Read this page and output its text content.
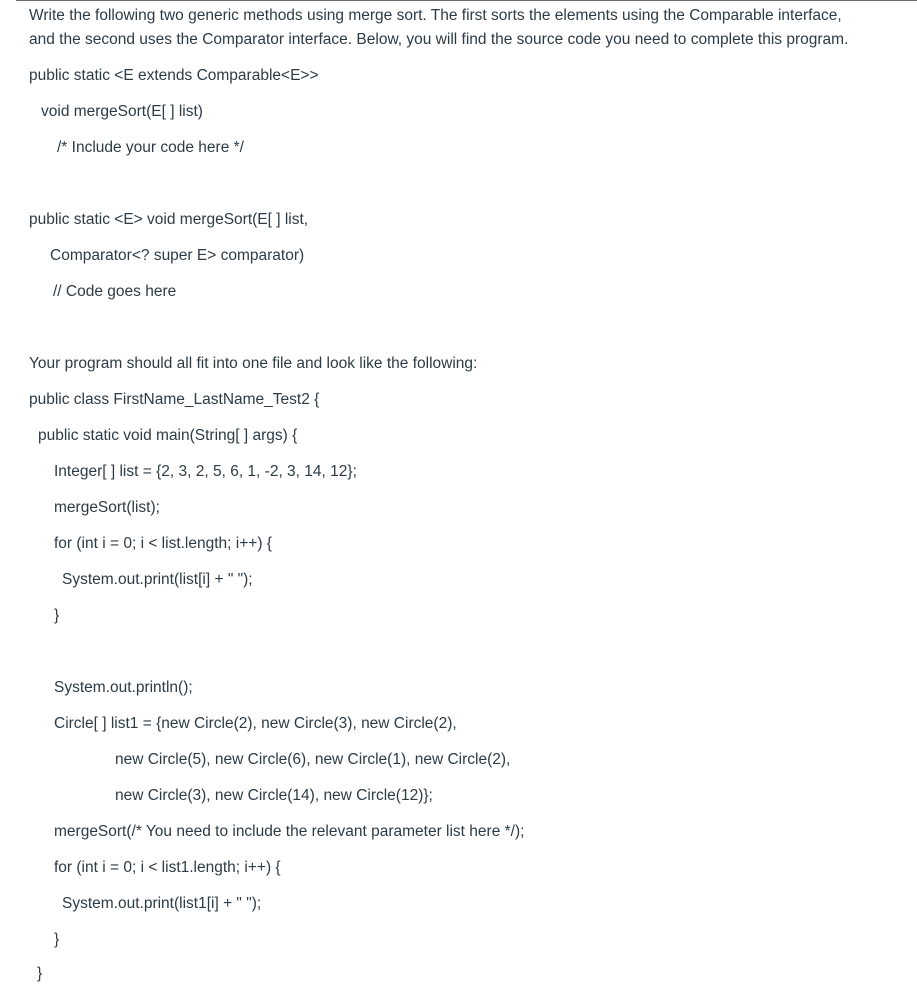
Write the following two generic methods using merge sort. The first sorts the elements using the Comparable interface,
and the second uses the Comparator interface. Below, you will find the source code you need to complete this program.
public static <E extends Comparable<E>>
void mergeSort(E[ ] list)
/* Include your code here */
public static <E> void mergeSort(E[ ] list,
Comparator<? super E> comparator)
// Code goes here
Your program should all fit into one file and look like the following:
public class FirstName_LastName_Test2 {
public static void main(String[ ] args) {
Integer[ ] list = {2, 3, 2, 5, 6, 1, -2, 3, 14, 12};
mergeSort(list);
for (int i = 0; i < list.length; i++) {
System.out.print(list[i] + " ");
}
System.out.println();
Circle[ ] list1 = {new Circle(2), new Circle(3), new Circle(2),
new Circle(5), new Circle(6), new Circle(1), new Circle(2),
new Circle(3), new Circle(14), new Circle(12)};
mergeSort(/* You need to include the relevant parameter list here */);
for (int i = 0; i < list1.length; i++) {
System.out.print(list1[i] + " ");
}
}
